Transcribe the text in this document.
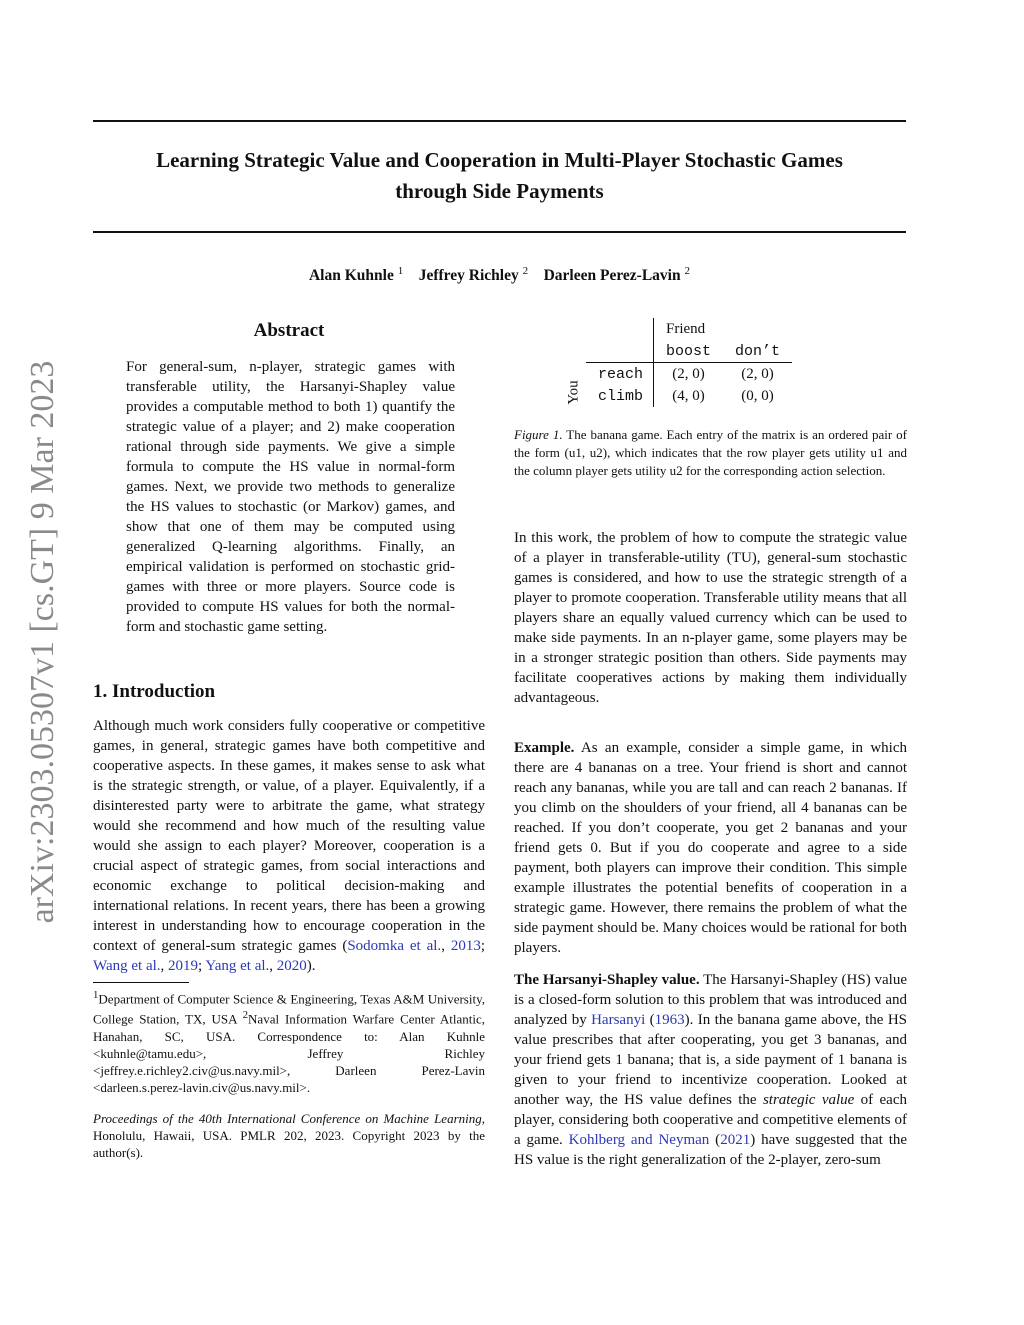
Learning Strategic Value and Cooperation in Multi-Player Stochastic Games
through Side Payments
Alan Kuhnle $^1$ Jeffrey Richley $^2$ Darleen Perez-Lavin $^2$
arXiv:2303.05307v1 [cs.GT] 9 Mar 2023
Abstract

For general-sum, n-player, strategic games with transferable utility, the Harsanyi-Shapley value provides a computable method to both 1) quantify the strategic value of a player; and 2) make cooperation rational through side payments. We give a simple formula to compute the HS value in normal-form games. Next, we provide two methods to generalize the HS values to stochastic (or Markov) games, and show that one of them may be computed using generalized Q-learning algorithms. Finally, an empirical validation is performed on stochastic grid-games with three or more players. Source code is provided to compute HS values for both the normal-form and stochastic game setting.

1. Introduction

Although much work considers fully cooperative or competitive games, in general, strategic games have both competitive and cooperative aspects. In these games, it makes sense to ask what is the strategic strength, or value, of a player. Equivalently, if a disinterested party were to arbitrate the game, what strategy would she recommend and how much of the resulting value would she assign to each player? Moreover, cooperation is a crucial aspect of strategic games, from social interactions and economic exchange to political decision-making and international relations. In recent years, there has been a growing interest in understanding how to encourage cooperation in the context of general-sum strategic games (Sodomka et al., 2013; Wang et al., 2019; Yang et al., 2020).

$^1$Department of Computer Science & Engineering, Texas A&M University, College Station, TX, USA $^2$Naval Information Warfare Center Atlantic, Hanahan, SC, USA. Correspondence to: Alan Kuhnle <kuhnle@tamu.edu>, Jeffrey Richley <jeffrey.e.richley2.civ@us.navy.mil>, Darleen Perez-Lavin <darleen.s.perez-lavin.civ@us.navy.mil>.

Proceedings of the 40th International Conference on Machine Learning, Honolulu, Hawaii, USA. PMLR 202, 2023. Copyright 2023 by the author(s).

You
	Friend	
	boost	don’t
reach	(2, 0)	(2, 0)
climb	(4, 0)	(0, 0)

Figure 1. The banana game. Each entry of the matrix is an ordered pair of the form (u1, u2), which indicates that the row player gets utility u1 and the column player gets utility u2 for the corresponding action selection.

In this work, the problem of how to compute the strategic value of a player in transferable-utility (TU), general-sum stochastic games is considered, and how to use the strategic strength of a player to promote cooperation. Transferable utility means that all players share an equally valued currency which can be used to make side payments. In an n-player game, some players may be in a stronger strategic position than others. Side payments may facilitate cooperatives actions by making them individually advantageous.

Example. As an example, consider a simple game, in which there are 4 bananas on a tree. Your friend is short and cannot reach any bananas, while you are tall and can reach 2 bananas. If you climb on the shoulders of your friend, all 4 bananas can be reached. If you don’t cooperate, you get 2 bananas and your friend gets 0. But if you do cooperate and agree to a side payment, both players can improve their condition. This simple example illustrates the potential benefits of cooperation in a strategic game. However, there remains the problem of what the side payment should be. Many choices would be rational for both players.

The Harsanyi-Shapley value. The Harsanyi-Shapley (HS) value is a closed-form solution to this problem that was introduced and analyzed by Harsanyi (1963). In the banana game above, the HS value prescribes that after cooperating, you get 3 bananas, and your friend gets 1 banana; that is, a side payment of 1 banana is given to your friend to incentivize cooperation. Looked at another way, the HS value defines the strategic value of each player, considering both cooperative and competitive elements of a game. Kohlberg and Neyman (2021) have suggested that the HS value is the right generalization of the 2-player, zero-sum
